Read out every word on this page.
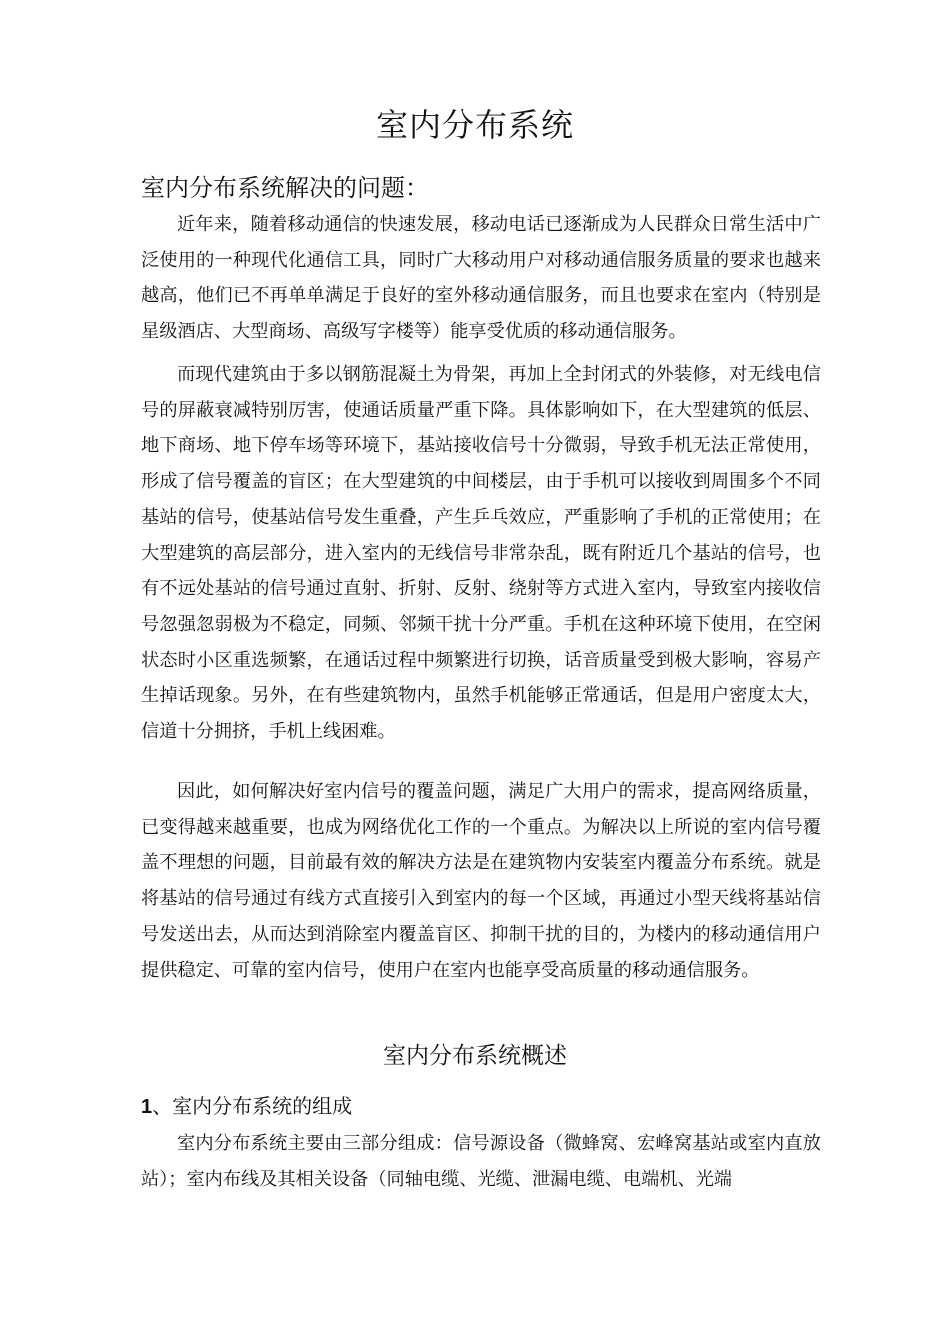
室内分布系统
室内分布系统解决的问题：

近年来，随着移动通信的快速发展，移动电话已逐渐成为人民群众日常生活中广泛使用的一种现代化通信工具，同时广大移动用户对移动通信服务质量的要求也越来越高，他们已不再单单满足于良好的室外移动通信服务，而且也要求在室内（特别是星级酒店、大型商场、高级写字楼等）能享受优质的移动通信服务。

而现代建筑由于多以钢筋混凝土为骨架，再加上全封闭式的外装修，对无线电信号的屏蔽衰减特别厉害，使通话质量严重下降。具体影响如下，在大型建筑的低层、地下商场、地下停车场等环境下，基站接收信号十分微弱，导致手机无法正常使用，形成了信号覆盖的盲区；在大型建筑的中间楼层，由于手机可以接收到周围多个不同基站的信号，使基站信号发生重叠，产生乒乓效应，严重影响了手机的正常使用；在大型建筑的高层部分，进入室内的无线信号非常杂乱，既有附近几个基站的信号，也有不远处基站的信号通过直射、折射、反射、绕射等方式进入室内，导致室内接收信号忽强忽弱极为不稳定，同频、邻频干扰十分严重。手机在这种环境下使用，在空闲状态时小区重选频繁，在通话过程中频繁进行切换，话音质量受到极大影响，容易产生掉话现象。另外，在有些建筑物内，虽然手机能够正常通话，但是用户密度太大，信道十分拥挤，手机上线困难。

因此，如何解决好室内信号的覆盖问题，满足广大用户的需求，提高网络质量，已变得越来越重要，也成为网络优化工作的一个重点。为解决以上所说的室内信号覆盖不理想的问题，目前最有效的解决方法是在建筑物内安装室内覆盖分布系统。就是将基站的信号通过有线方式直接引入到室内的每一个区域，再通过小型天线将基站信号发送出去，从而达到消除室内覆盖盲区、抑制干扰的目的，为楼内的移动通信用户提供稳定、可靠的室内信号，使用户在室内也能享受高质量的移动通信服务。

室内分布系统概述
1、室内分布系统的组成

室内分布系统主要由三部分组成：信号源设备（微蜂窝、宏峰窝基站或室内直放站）；室内布线及其相关设备（同轴电缆、光缆、泄漏电缆、电端机、光端
